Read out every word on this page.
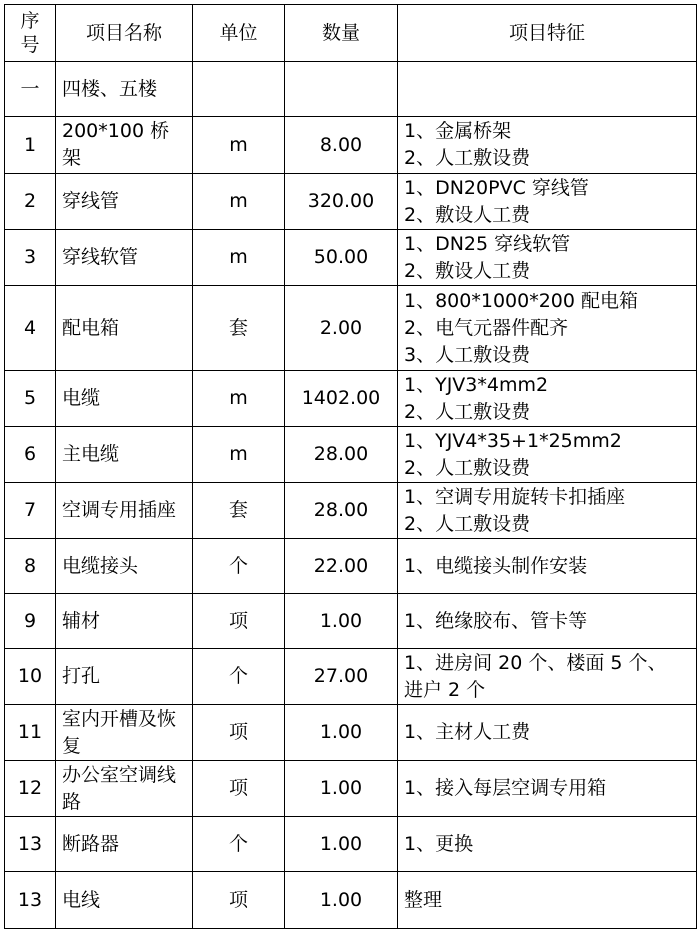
序号	项目名称	单位	数量	项目特征
一	四楼、五楼			
1	200*100 桥架	m	8.00	1、金属桥架
2、人工敷设费

2	穿线管	m	320.00	1、DN20PVC 穿线管
2、敷设人工费

3	穿线软管	m	50.00	1、DN25 穿线软管
2、敷设人工费

4	配电箱	套	2.00	1、800*1000*200 配电箱
2、电气元器件配齐
3、人工敷设费

5	电缆	m	1402.00	1、YJV3*4mm2
2、人工敷设费

6	主电缆	m	28.00	1、YJV4*35+1*25mm2
2、人工敷设费

7	空调专用插座	套	28.00	1、空调专用旋转卡扣插座
2、人工敷设费

8	电缆接头	个	22.00	1、电缆接头制作安装

9	辅材	项	1.00	1、绝缘胶布、管卡等

10	打孔	个	27.00	1、进房间 20 个、楼面 5 个、
进户 2 个

11	室内开槽及恢复	项	1.00	1、主材人工费

12	办公室空调线路	项	1.00	1、接入每层空调专用箱

13	断路器	个	1.00	1、更换

13	电线	项	1.00	整理
